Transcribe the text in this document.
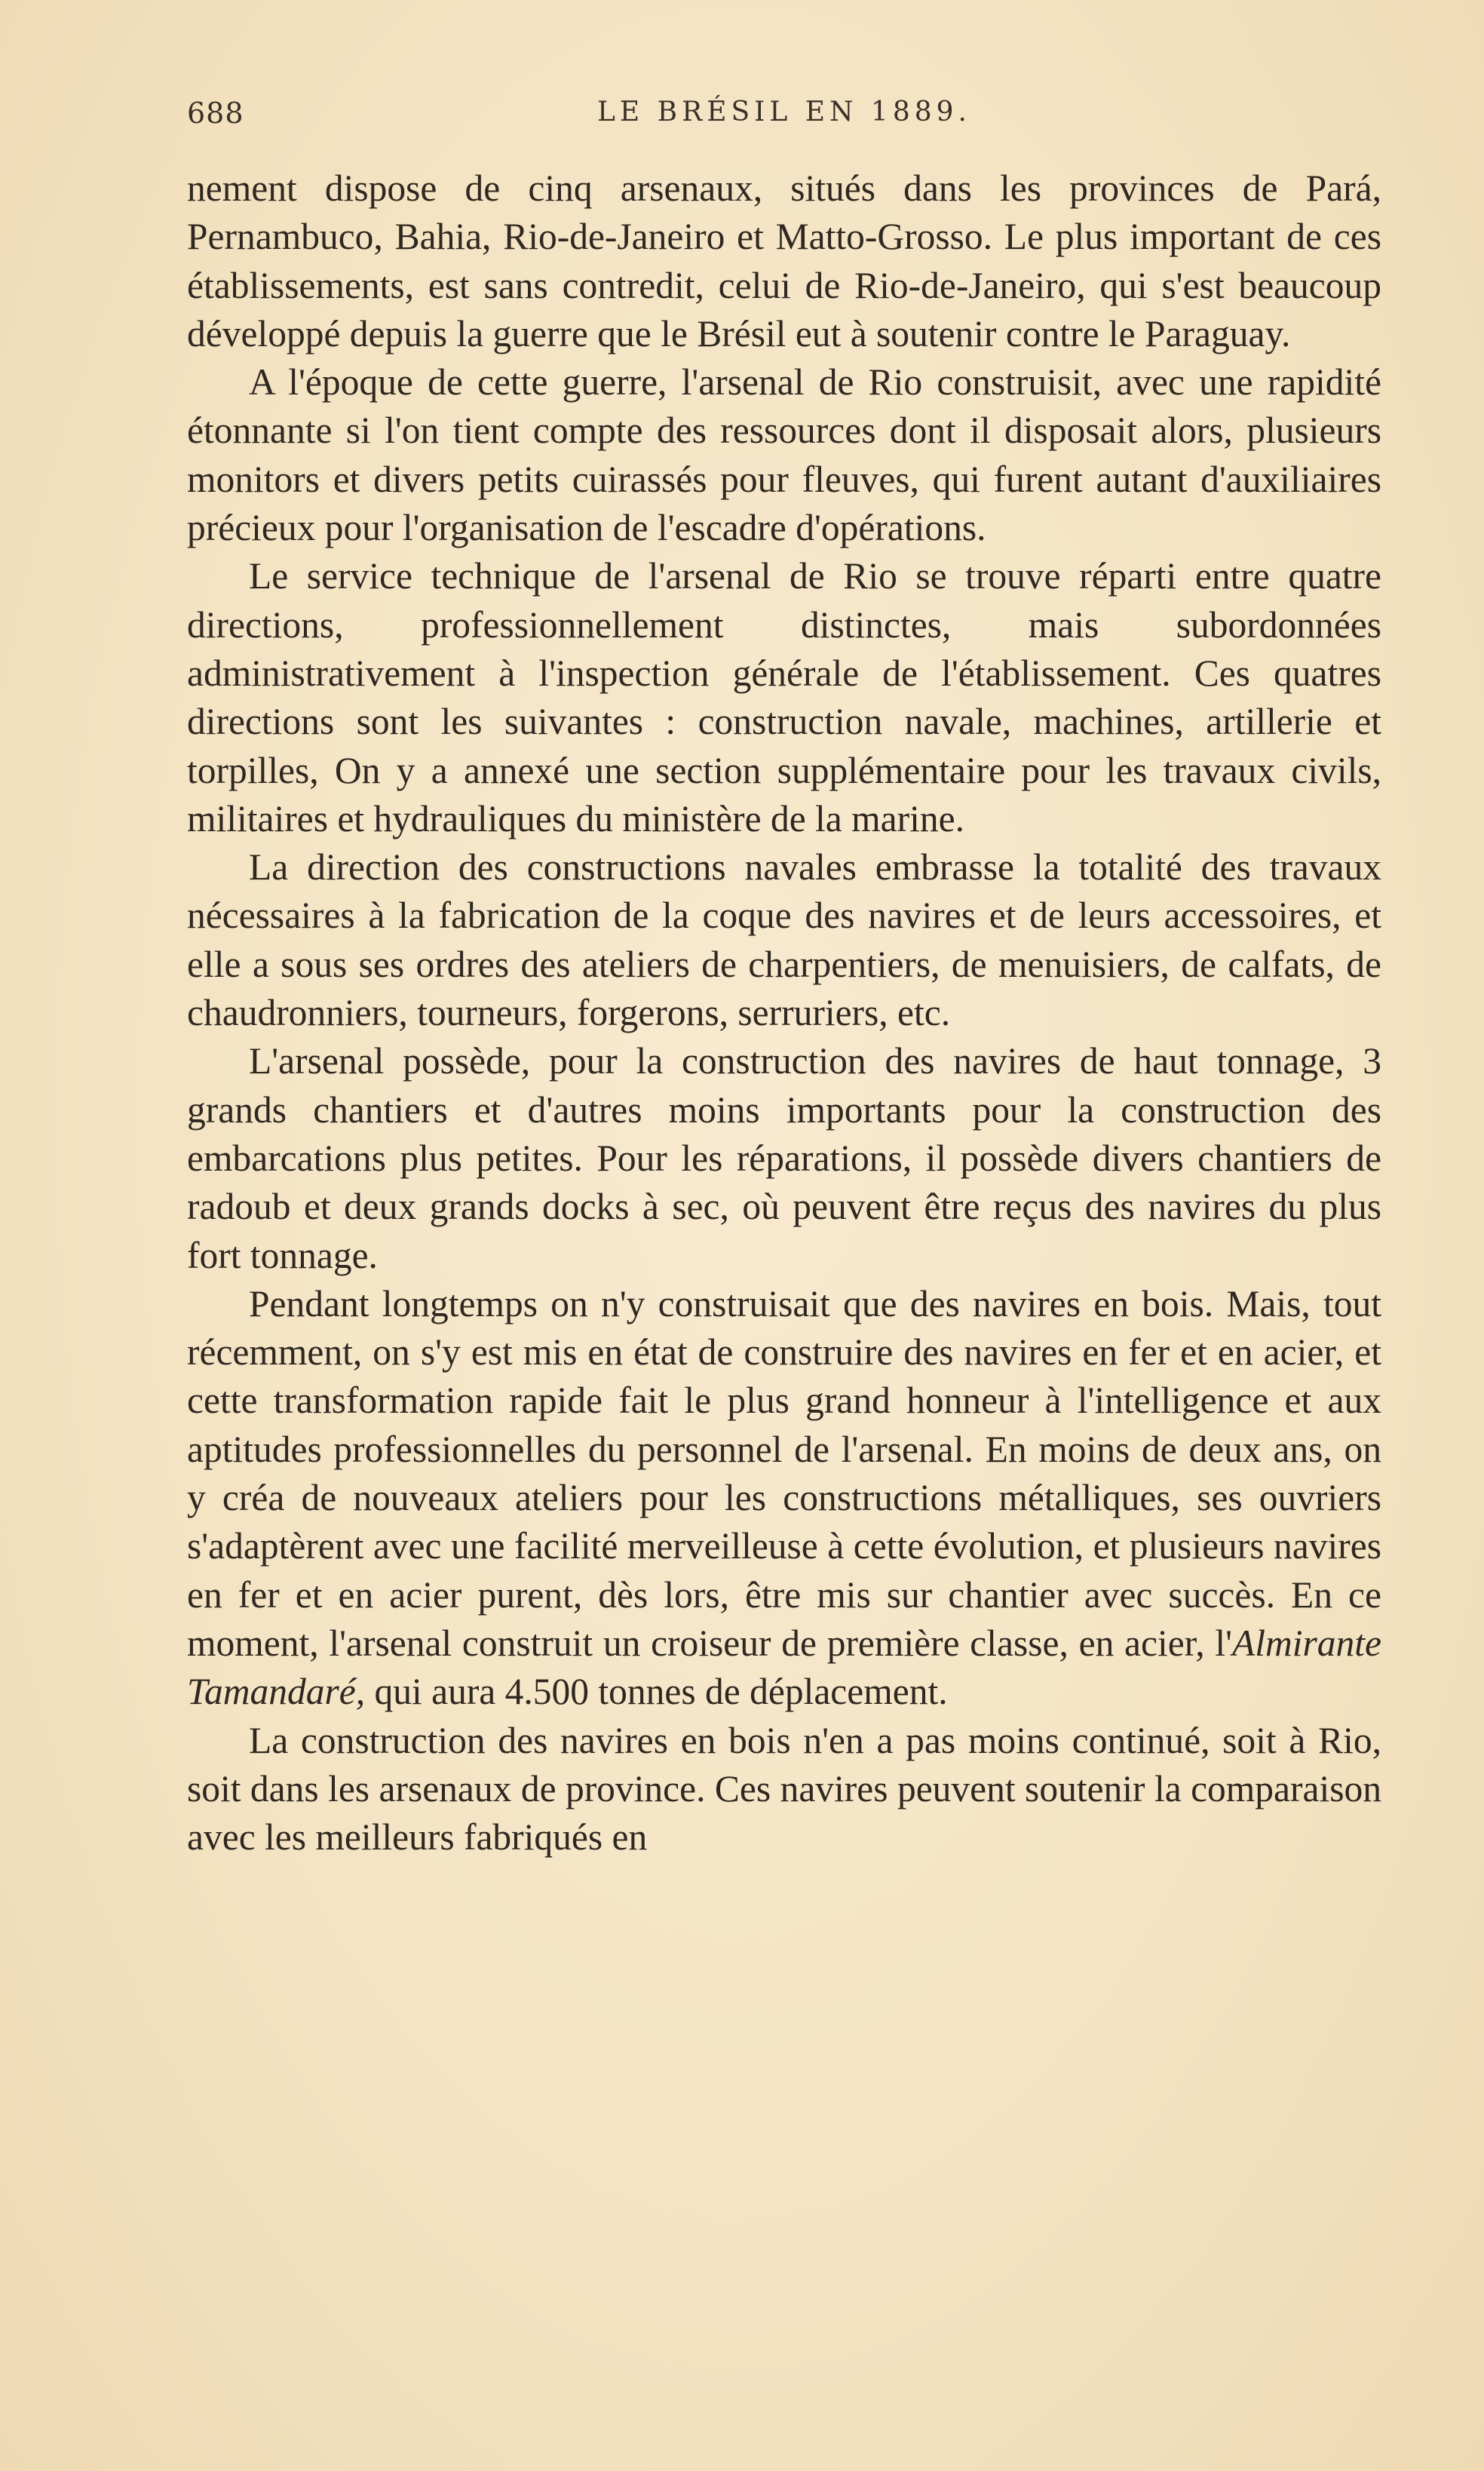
688	LE BRÉSIL EN 1889.

nement dispose de cinq arsenaux, situés dans les provinces de Pará, Pernambuco, Bahia, Rio-de-Janeiro et Matto-Grosso. Le plus important de ces établissements, est sans contredit, celui de Rio-de-Janeiro, qui s'est beaucoup développé depuis la guerre que le Brésil eut à soutenir contre le Paraguay.

A l'époque de cette guerre, l'arsenal de Rio construisit, avec une rapidité étonnante si l'on tient compte des ressources dont il disposait alors, plusieurs monitors et divers petits cuirassés pour fleuves, qui furent autant d'auxiliaires précieux pour l'organisation de l'escadre d'opérations.

Le service technique de l'arsenal de Rio se trouve réparti entre quatre directions, professionnellement distinctes, mais subordonnées administrativement à l'inspection générale de l'établissement. Ces quatres directions sont les suivantes : construction navale, machines, artillerie et torpilles, On y a annexé une section supplémentaire pour les travaux civils, militaires et hydrauliques du ministère de la marine.

La direction des constructions navales embrasse la totalité des travaux nécessaires à la fabrication de la coque des navires et de leurs accessoires, et elle a sous ses ordres des ateliers de charpentiers, de menuisiers, de calfats, de chaudronniers, tourneurs, forgerons, serruriers, etc.

L'arsenal possède, pour la construction des navires de haut tonnage, 3 grands chantiers et d'autres moins importants pour la construction des embarcations plus petites. Pour les réparations, il possède divers chantiers de radoub et deux grands docks à sec, où peuvent être reçus des navires du plus fort tonnage.

Pendant longtemps on n'y construisait que des navires en bois. Mais, tout récemment, on s'y est mis en état de construire des navires en fer et en acier, et cette transformation rapide fait le plus grand honneur à l'intelligence et aux aptitudes professionnelles du personnel de l'arsenal. En moins de deux ans, on y créa de nouveaux ateliers pour les constructions métalliques, ses ouvriers s'adaptèrent avec une facilité merveilleuse à cette évolution, et plusieurs navires en fer et en acier purent, dès lors, être mis sur chantier avec succès. En ce moment, l'arsenal construit un croiseur de première classe, en acier, l'Almirante Tamandaré, qui aura 4.500 tonnes de déplacement.

La construction des navires en bois n'en a pas moins continué, soit à Rio, soit dans les arsenaux de province. Ces navires peuvent soutenir la comparaison avec les meilleurs fabriqués en
